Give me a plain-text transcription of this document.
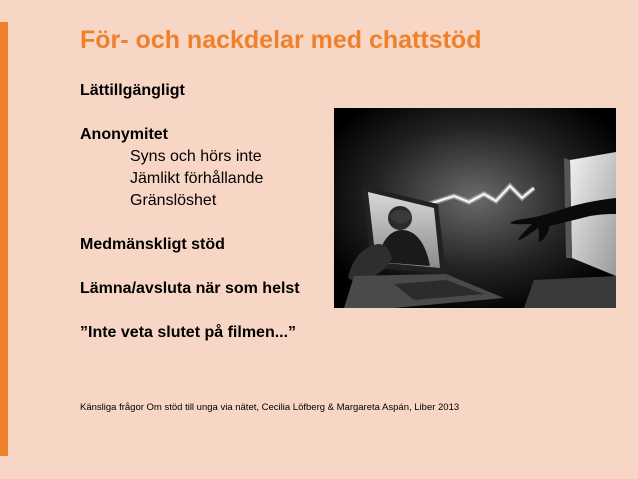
För- och nackdelar med chattstöd
Lättillgängligt
Anonymitet
Syns och hörs inte
Jämlikt förhållande
Gränslöshet
Medmänskligt stöd
Lämna/avsluta när som helst
”Inte veta slutet på filmen...”
Känsliga frågor Om stöd till unga via nätet, Cecilia Löfberg & Margareta Aspán, Liber 2013
